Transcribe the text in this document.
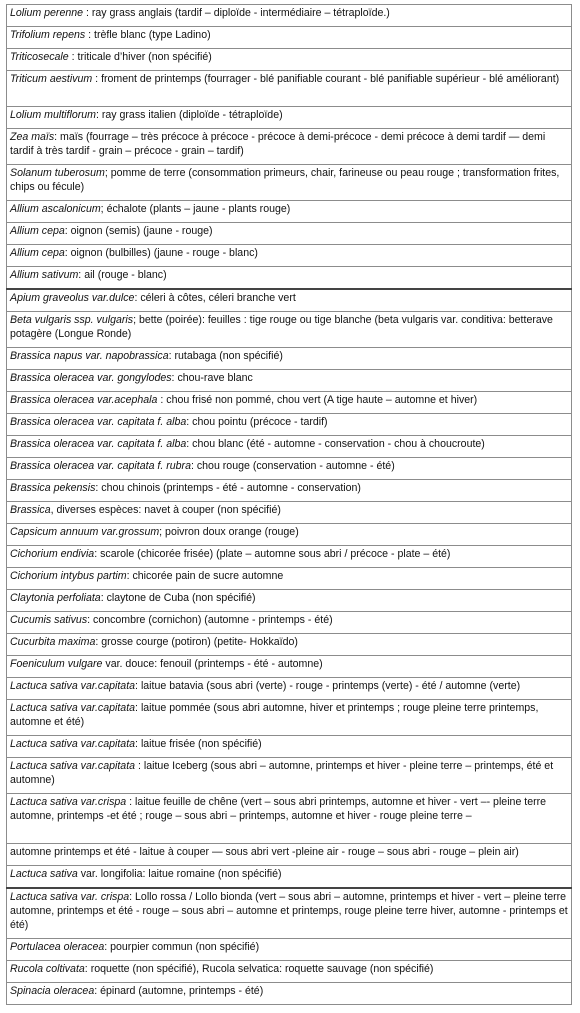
Lolium perenne : ray grass anglais (tardif – diploïde - intermédiaire – tétraploïde.)
Trifolium repens : trèfle blanc (type Ladino)
Triticosecale : triticale d’hiver (non spécifié)
Triticum aestivum : froment de printemps (fourrager - blé panifiable courant - blé panifiable supérieur - blé améliorant)
Lolium multiflorum: ray grass italien (diploïde - tétraploïde)
Zea maïs: maïs (fourrage – très précoce à précoce - précoce à demi-précoce - demi précoce à demi tardif — demi tardif à très tardif - grain – précoce - grain – tardif)
Solanum tuberosum; pomme de terre (consommation primeurs, chair, farineuse ou peau rouge ; transformation frites, chips ou fécule)
Allium ascalonicum; échalote (plants – jaune - plants rouge)
Allium cepa: oignon (semis) (jaune - rouge)
Allium cepa: oignon (bulbilles) (jaune - rouge - blanc)
Allium sativum: ail (rouge - blanc)
Apium graveolus var.dulce: céleri à côtes, céleri branche vert
Beta vulgaris ssp. vulgaris; bette (poirée): feuilles : tige rouge ou tige blanche (beta vulgaris var. conditiva: betterave potagère (Longue Ronde)
Brassica napus var. napobrassica: rutabaga (non spécifié)
Brassica oleracea var. gongylodes: chou-rave blanc
Brassica oleracea var.acephala : chou frisé non pommé, chou vert (A tige haute – automne et hiver)
Brassica oleracea var. capitata f. alba: chou pointu (précoce - tardif)
Brassica oleracea var. capitata f. alba: chou blanc (été - automne - conservation - chou à choucroute)
Brassica oleracea var. capitata f. rubra: chou rouge (conservation - automne - été)
Brassica pekensis: chou chinois (printemps - été - automne - conservation)
Brassica, diverses espèces: navet à couper (non spécifié)
Capsicum annuum var.grossum; poivron doux orange (rouge)
Cichorium endivia: scarole (chicorée frisée) (plate – automne sous abri / précoce - plate – été)
Cichorium intybus partim: chicorée pain de sucre automne
Claytonia perfoliata: claytone de Cuba (non spécifié)
Cucumis sativus: concombre (cornichon) (automne - printemps - été)
Cucurbita maxima: grosse courge (potiron) (petite- Hokkaïdo)
Foeniculum vulgare var. douce: fenouil (printemps - été - automne)
Lactuca sativa var.capitata: laitue batavia (sous abri (verte) - rouge - printemps (verte) - été / automne (verte)
Lactuca sativa var.capitata: laitue pommée (sous abri automne, hiver et printemps ; rouge pleine terre printemps, automne et été)
Lactuca sativa var.capitata: laitue frisée (non spécifié)
Lactuca sativa var.capitata : laitue Iceberg (sous abri – automne, printemps et hiver - pleine terre – printemps, été et automne)
Lactuca sativa var.crispa : laitue feuille de chêne (vert – sous abri printemps, automne et hiver - vert –- pleine terre automne, printemps -et été ; rouge – sous abri – printemps, automne et hiver - rouge pleine terre –
automne printemps et été - laitue à couper — sous abri vert -pleine air - rouge – sous abri - rouge – plein air)
Lactuca sativa var. longifolia: laitue romaine (non spécifié)
Lactuca sativa var. crispa: Lollo rossa / Lollo bionda (vert – sous abri – automne, printemps et hiver - vert – pleine terre automne, printemps et été - rouge – sous abri – automne et printemps, rouge pleine terre hiver, automne - printemps et été)
Portulacea oleracea: pourpier commun (non spécifié)
Rucola coltivata: roquette (non spécifié), Rucola selvatica: roquette sauvage (non spécifié)
Spinacia oleracea: épinard (automne, printemps - été)
